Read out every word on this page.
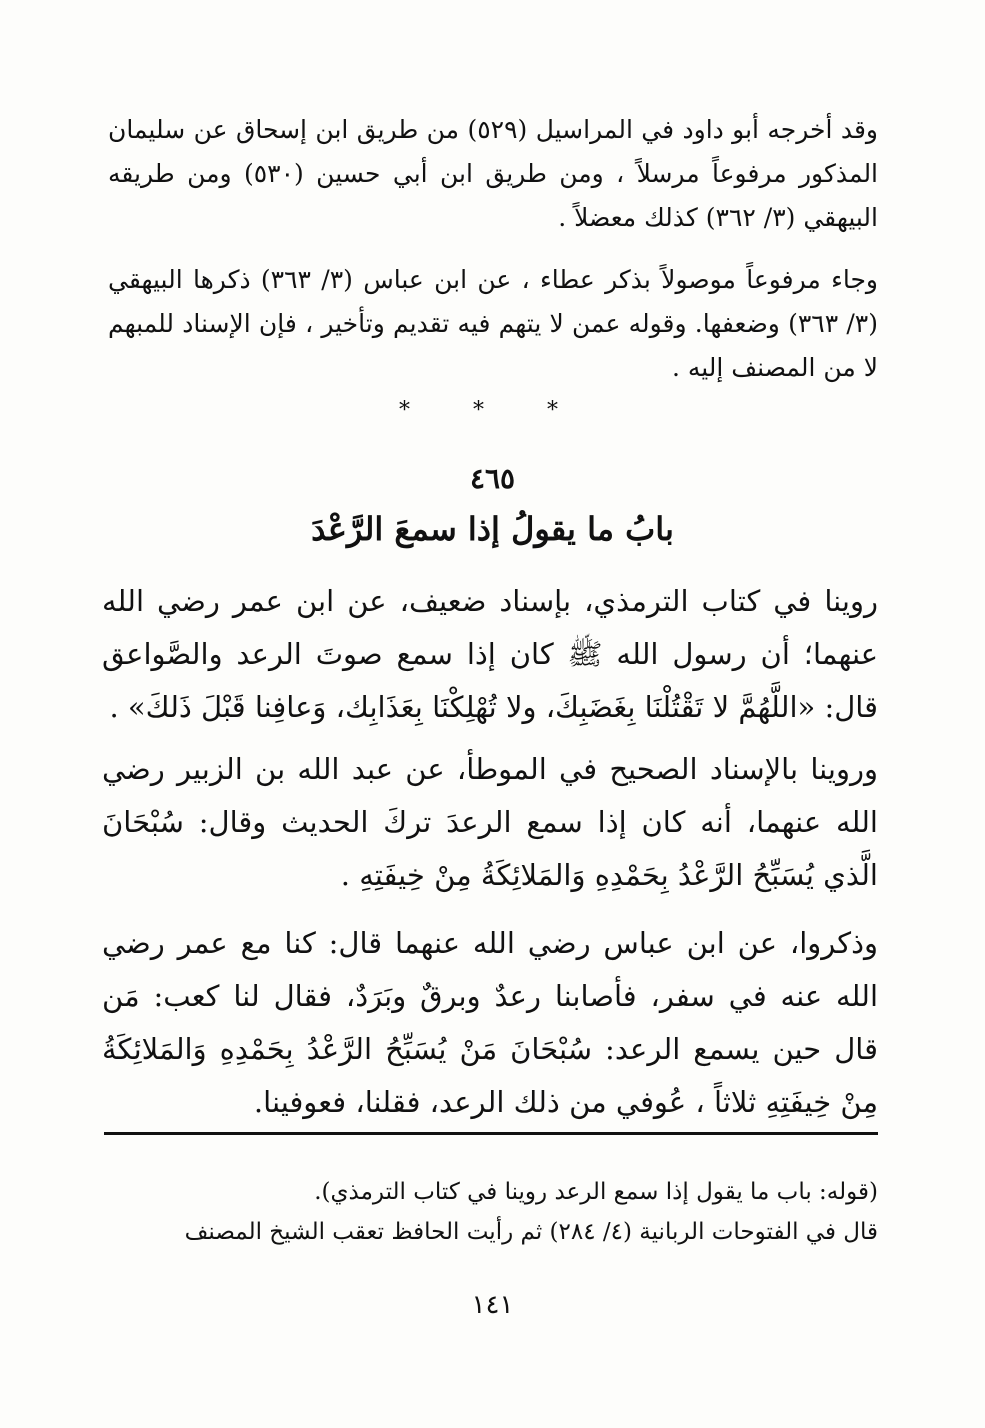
وقد أخرجه أبو داود في المراسيل (٥٢٩) من طريق ابن إسحاق عن سليمان المذكور مرفوعاً مرسلاً ، ومن طريق ابن أبي حسين (٥٣٠) ومن طريقه البيهقي (٣/ ٣٦٢) كذلك معضلاً .
وجاء مرفوعاً موصولاً بذكر عطاء ، عن ابن عباس (٣/ ٣٦٣) ذكرها البيهقي (٣/ ٣٦٣) وضعفها. وقوله عمن لا يتهم فيه تقديم وتأخير ، فإن الإسناد للمبهم لا من المصنف إليه .
* * *
٤٦٥
بابُ ما يقولُ إذا سمعَ الرَّعْدَ
روينا في كتاب الترمذي، بإسناد ضعيف، عن ابن عمر رضي الله عنهما؛ أن رسول الله ﷺ كان إذا سمع صوتَ الرعد والصَّواعق قال: «اللَّهُمَّ لا تَقْتُلْنَا بِغَضَبِكَ، ولا تُهْلِكْنَا بِعَذَابِك، وَعافِنا قَبْلَ ذَلكَ» .
وروينا بالإسناد الصحيح في الموطأ، عن عبد الله بن الزبير رضي الله عنهما، أنه كان إذا سمع الرعدَ تركَ الحديث وقال: سُبْحَانَ الَّذي يُسَبِّحُ الرَّعْدُ بِحَمْدِهِ وَالمَلائِكَةُ مِنْ خِيفَتِهِ .
وذكروا، عن ابن عباس رضي الله عنهما قال: كنا مع عمر رضي الله عنه في سفر، فأصابنا رعدٌ وبرقٌ وبَرَدٌ، فقال لنا كعب: مَن قال حين يسمع الرعد: سُبْحَانَ مَنْ يُسَبِّحُ الرَّعْدُ بِحَمْدِهِ وَالمَلائِكَةُ مِنْ خِيفَتِهِ ثلاثاً ، عُوفي من ذلك الرعد، فقلنا، فعوفينا.
(قوله: باب ما يقول إذا سمع الرعد روينا في كتاب الترمذي).
قال في الفتوحات الربانية (٤/ ٢٨٤) ثم رأيت الحافظ تعقب الشيخ المصنف
١٤١
